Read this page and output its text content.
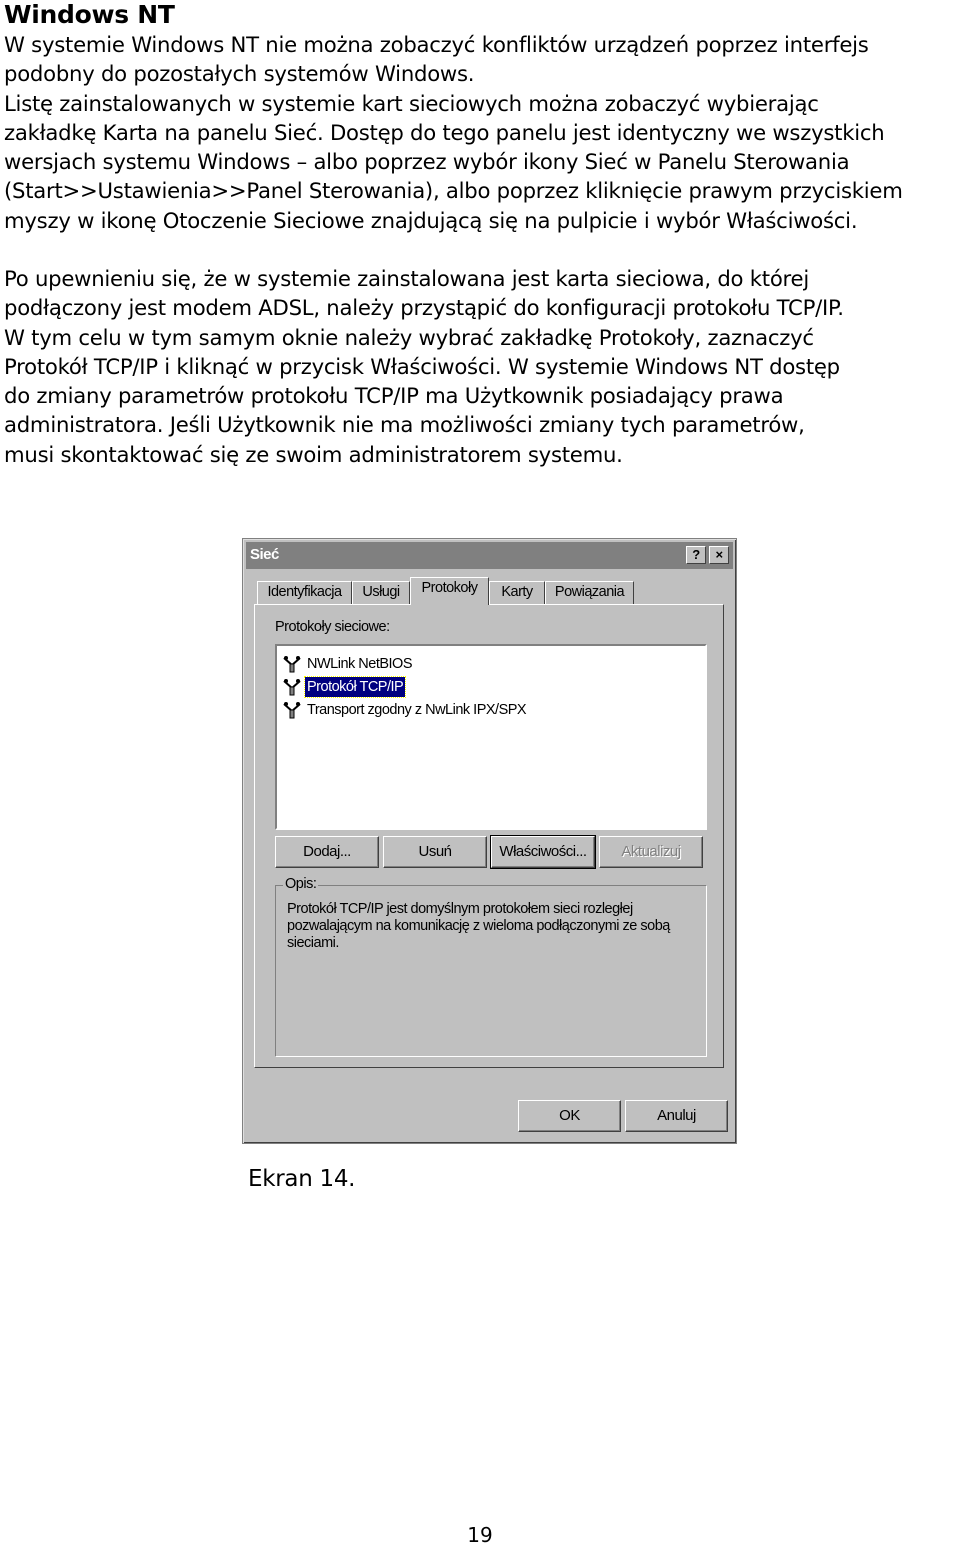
Windows NT

W systemie Windows NT nie można zobaczyć konfliktów urządzeń poprzez interfejs
podobny do pozostałych systemów Windows.
Listę zainstalowanych w systemie kart sieciowych można zobaczyć wybierając
zakładkę Karta na panelu Sieć. Dostęp do tego panelu jest identyczny we wszystkich
wersjach systemu Windows – albo poprzez wybór ikony Sieć w Panelu Sterowania
(Start>>Ustawienia>>Panel Sterowania), albo poprzez kliknięcie prawym przyciskiem
myszy w ikonę Otoczenie Sieciowe znajdującą się na pulpicie i wybór Właściwości.

Po upewnieniu się, że w systemie zainstalowana jest karta sieciowa, do której
podłączony jest modem ADSL, należy przystąpić do konfiguracji protokołu TCP/IP.
W tym celu w tym samym oknie należy wybrać zakładkę Protokoły, zaznaczyć
Protokół TCP/IP i kliknąć w przycisk Właściwości. W systemie Windows NT dostęp
do zmiany parametrów protokołu TCP/IP ma Użytkownik posiadający prawa
administratora. Jeśli Użytkownik nie ma możliwości zmiany tych parametrów,
musi skontaktować się ze swoim administratorem systemu.

Sieć	?	×
Identyfikacja	Usługi	Protokoły	Karty	Powiązania
Protokoły sieciowe:
NWLink NetBIOS
Protokół TCP/IP
Transport zgodny z NwLink IPX/SPX
Dodaj...	Usuń	Właściwości...	Aktualizuj
Opis:

Protokół TCP/IP jest domyślnym protokołem sieci rozległej pozwalającym na komunikację z wieloma podłączonymi ze sobą sieciami.

OK	Anuluj
Ekran 14.
19
